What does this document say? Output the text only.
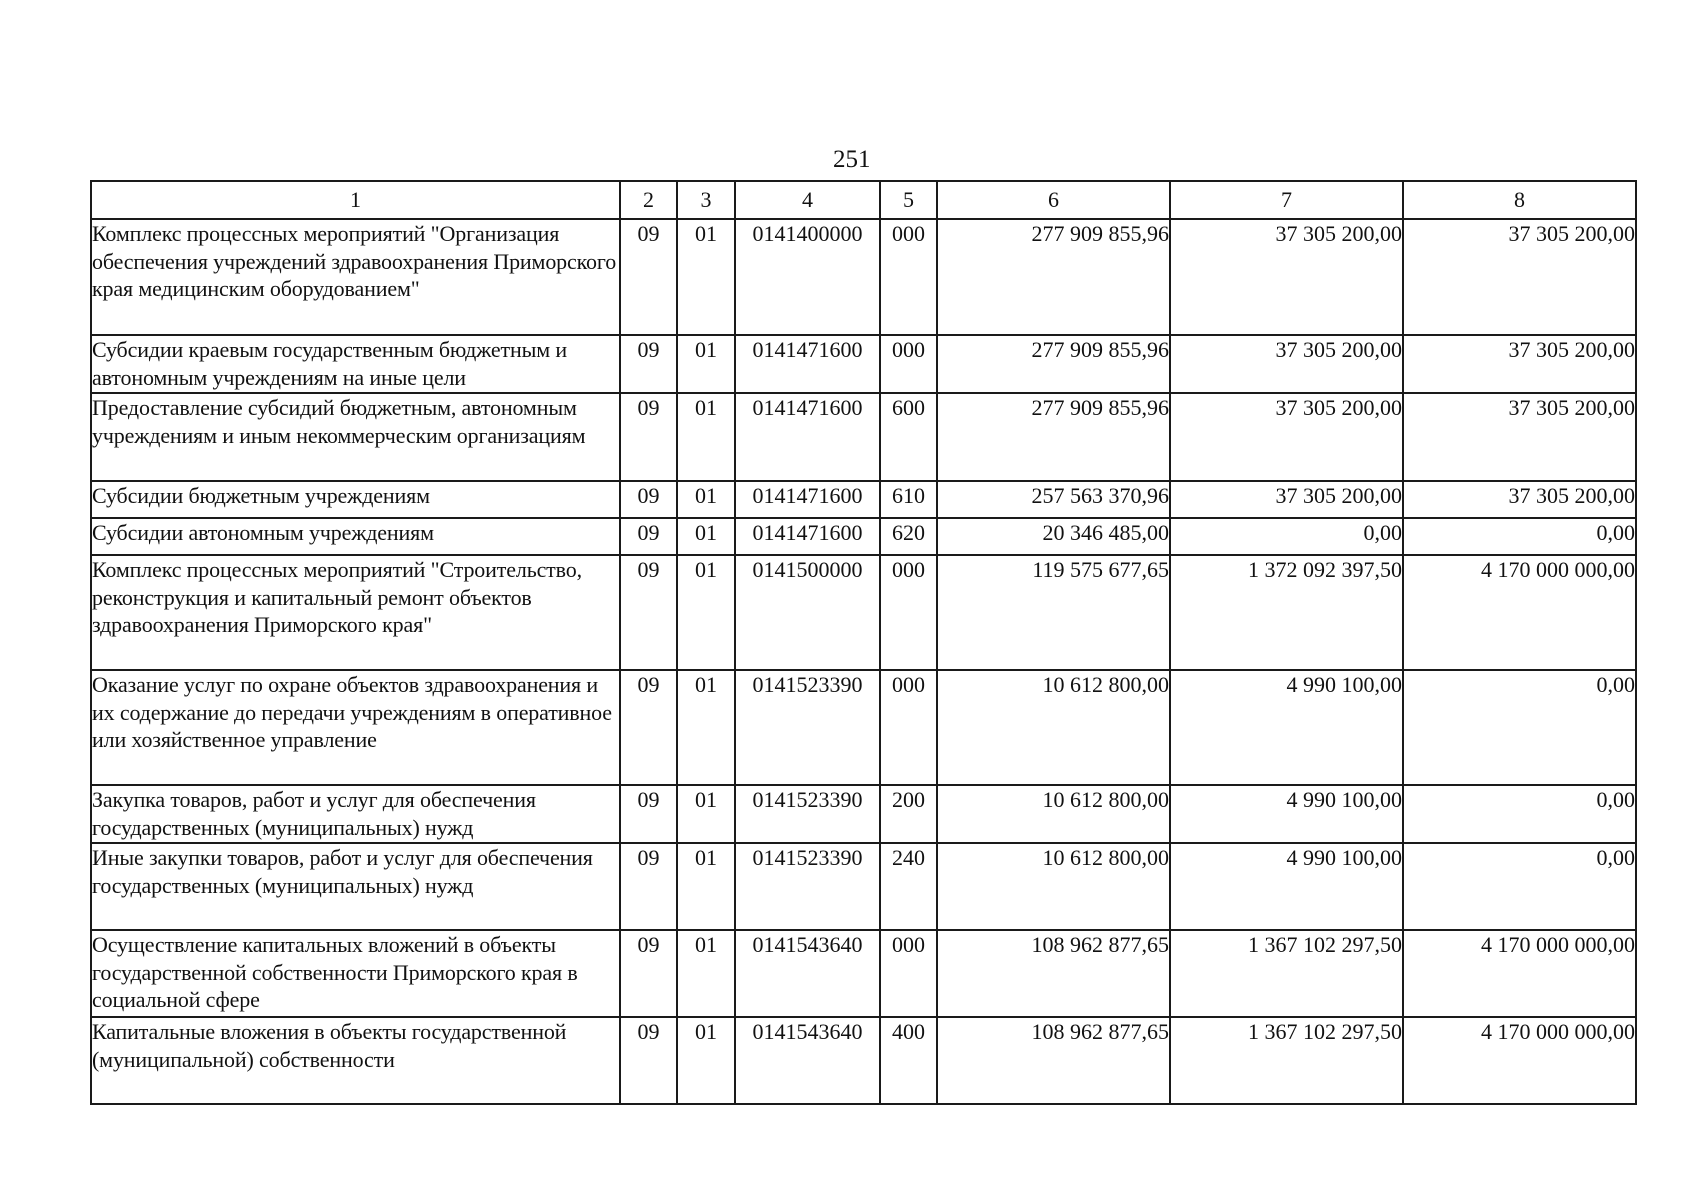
251
1	2	3	4	5	6	7	8
Комплекс процессных мероприятий "Организация обеспечения учреждений здравоохранения Приморского края медицинским оборудованием"	09	01	0141400000	000	277 909 855,96	37 305 200,00	37 305 200,00
Субсидии краевым государственным бюджетным и автономным учреждениям на иные цели	09	01	0141471600	000	277 909 855,96	37 305 200,00	37 305 200,00
Предоставление субсидий бюджетным, автономным учреждениям и иным некоммерческим организациям	09	01	0141471600	600	277 909 855,96	37 305 200,00	37 305 200,00
Субсидии бюджетным учреждениям	09	01	0141471600	610	257 563 370,96	37 305 200,00	37 305 200,00
Субсидии автономным учреждениям	09	01	0141471600	620	20 346 485,00	0,00	0,00
Комплекс процессных мероприятий "Строительство, реконструкция и капитальный ремонт объектов здравоохранения Приморского края"	09	01	0141500000	000	119 575 677,65	1 372 092 397,50	4 170 000 000,00
Оказание услуг по охране объектов здравоохранения и их содержание до передачи учреждениям в оперативное или хозяйственное управление	09	01	0141523390	000	10 612 800,00	4 990 100,00	0,00
Закупка товаров, работ и услуг для обеспечения государственных (муниципальных) нужд	09	01	0141523390	200	10 612 800,00	4 990 100,00	0,00
Иные закупки товаров, работ и услуг для обеспечения государственных (муниципальных) нужд	09	01	0141523390	240	10 612 800,00	4 990 100,00	0,00
Осуществление капитальных вложений в объекты государственной собственности Приморского края в социальной сфере	09	01	0141543640	000	108 962 877,65	1 367 102 297,50	4 170 000 000,00
Капитальные вложения в объекты государственной (муниципальной) собственности	09	01	0141543640	400	108 962 877,65	1 367 102 297,50	4 170 000 000,00
